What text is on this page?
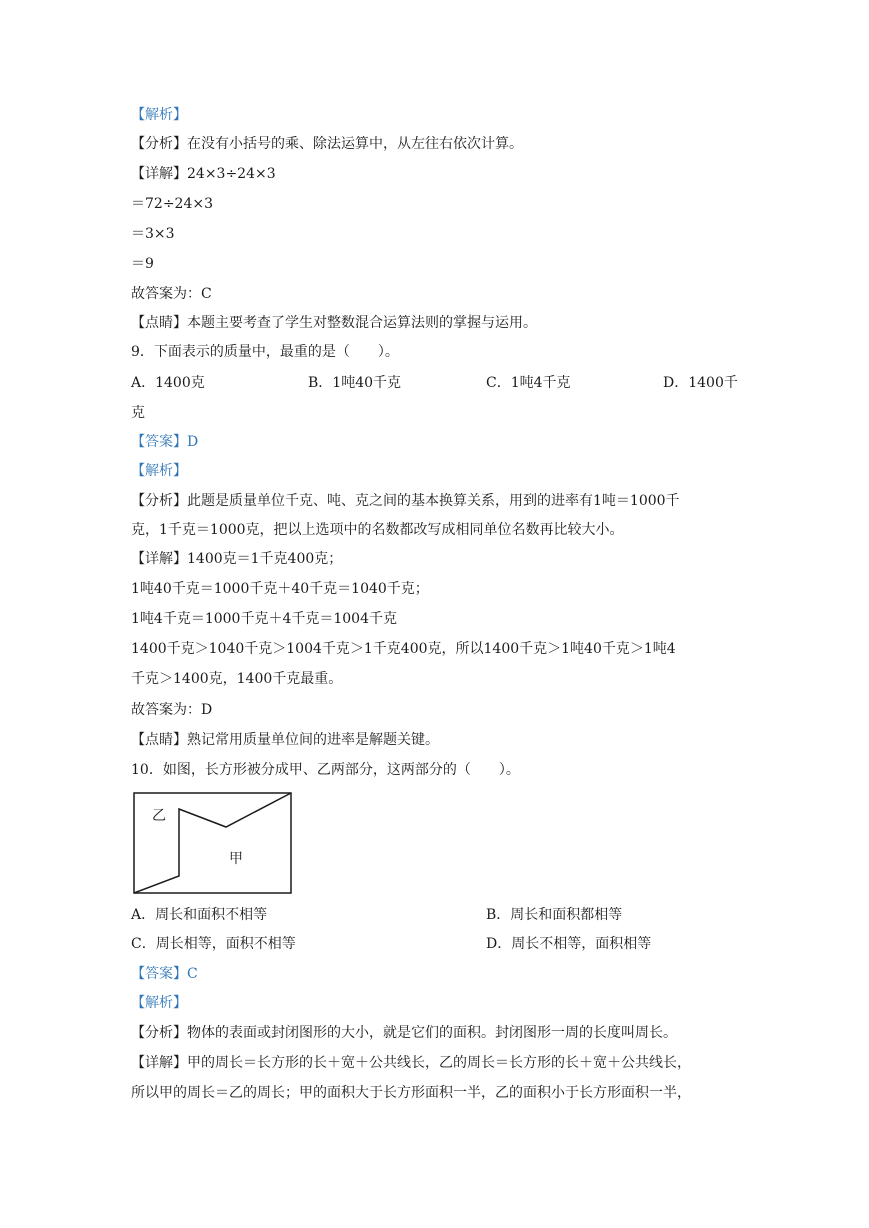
【解析】
【分析】在没有小括号的乘、除法运算中，从左往右依次计算。
【详解】24×3÷24×3
＝72÷24×3
＝3×3
＝9
故答案为：C
【点睛】本题主要考查了学生对整数混合运算法则的掌握与运用。
9．下面表示的质量中，最重的是（　　）。
A．1400克	B．1吨40千克	C．1吨4千克	D．1400千
克
【答案】D
【解析】
【分析】此题是质量单位千克、吨、克之间的基本换算关系，用到的进率有1吨＝1000千
克，1千克＝1000克，把以上选项中的名数都改写成相同单位名数再比较大小。
【详解】1400克＝1千克400克；
1吨40千克＝1000千克＋40千克＝1040千克；
1吨4千克＝1000千克＋4千克＝1004千克
1400千克＞1040千克＞1004千克＞1千克400克，所以1400千克＞1吨40千克＞1吨4
千克＞1400克，1400千克最重。
故答案为：D
【点睛】熟记常用质量单位间的进率是解题关键。
10．如图，长方形被分成甲、乙两部分，这两部分的（　　）。
乙
甲
A．周长和面积不相等	B．周长和面积都相等
C．周长相等，面积不相等	D．周长不相等，面积相等
【答案】C
【解析】
【分析】物体的表面或封闭图形的大小，就是它们的面积。封闭图形一周的长度叫周长。
【详解】甲的周长＝长方形的长＋宽＋公共线长，乙的周长＝长方形的长＋宽＋公共线长，
所以甲的周长＝乙的周长；甲的面积大于长方形面积一半，乙的面积小于长方形面积一半，
